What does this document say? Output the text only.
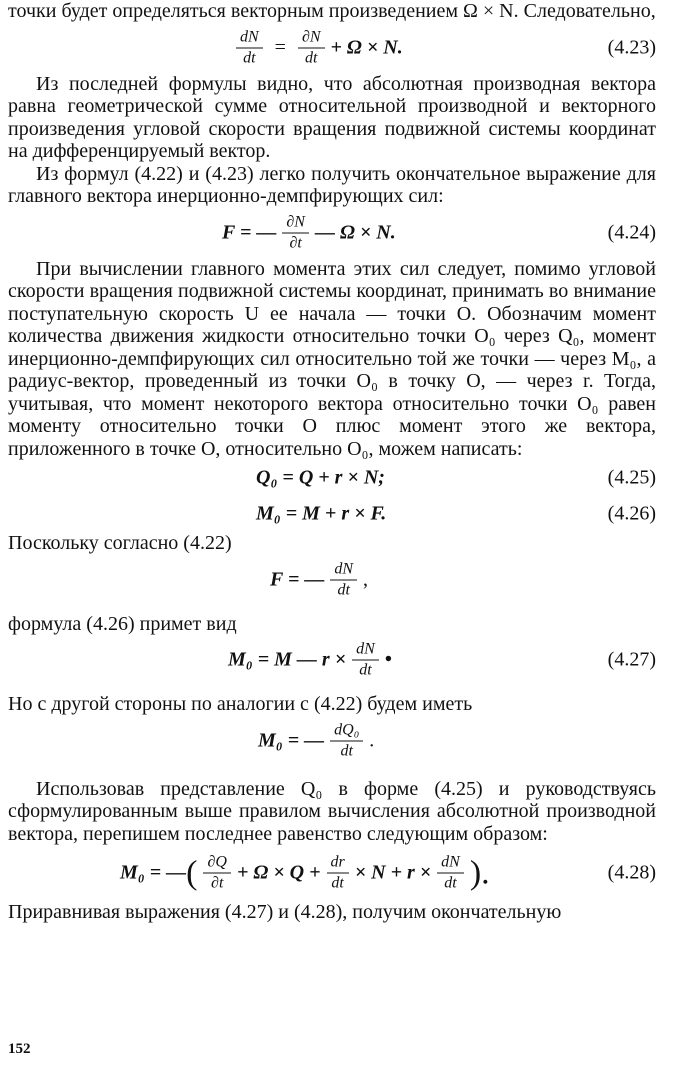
точки будет определяться векторным произведением Ω × N. Следовательно,

$\frac{dN}{dt} = \frac{\partial N}{dt} + \Omega \times N$.	(4.23)

Из последней формулы видно, что абсолютная производная вектора равна геометрической сумме относительной производной и векторного произведения угловой скорости вращения подвижной системы координат на дифференцируемый вектор.

Из формул (4.22) и (4.23) легко получить окончательное выражение для главного вектора инерционно-демпфирующих сил:

F = — $\frac{\partial N}{\partial t}$ — Ω × N.	(4.24)

При вычислении главного момента этих сил следует, помимо угловой скорости вращения подвижной системы координат, принимать во внимание поступательную скорость U ее начала — точки O. Обозначим момент количества движения жидкости относительно точки O₀ через Q₀, момент инерционно-демпфирующих сил относительно той же точки — через M₀, а радиус-вектор, проведенный из точки O₀ в точку O, — через r. Тогда, учитывая, что момент некоторого вектора относительно точки O₀ равен моменту относительно точки O плюс момент этого же вектора, приложенного в точке O, относительно O₀, можем написать:

Q₀ = Q + r × N;	(4.25)
M₀ = M + r × F.	(4.26)

Поскольку согласно (4.22)

F = — $\frac{dN}{dt}$ ,

формула (4.26) примет вид

M₀ = M — $r \times \frac{dN}{dt}$ •	(4.27)

Но с другой стороны по аналогии с (4.22) будем иметь

M₀ = — $\frac{\text{dQ₀}}{dt}$ .

Использовав представление Q₀ в форме (4.25) и руководствуясь сформулированным выше правилом вычисления абсолютной производной вектора, перепишем последнее равенство следующим образом:

M₀ = — ( $\frac{\partial Q}{\partial t} + \Omega \times Q + \frac{dr}{dt} \times N + r \times \frac{dN}{dt}$ ).	(4.28)

Приравнивая выражения (4.27) и (4.28), получим окончательную

152
